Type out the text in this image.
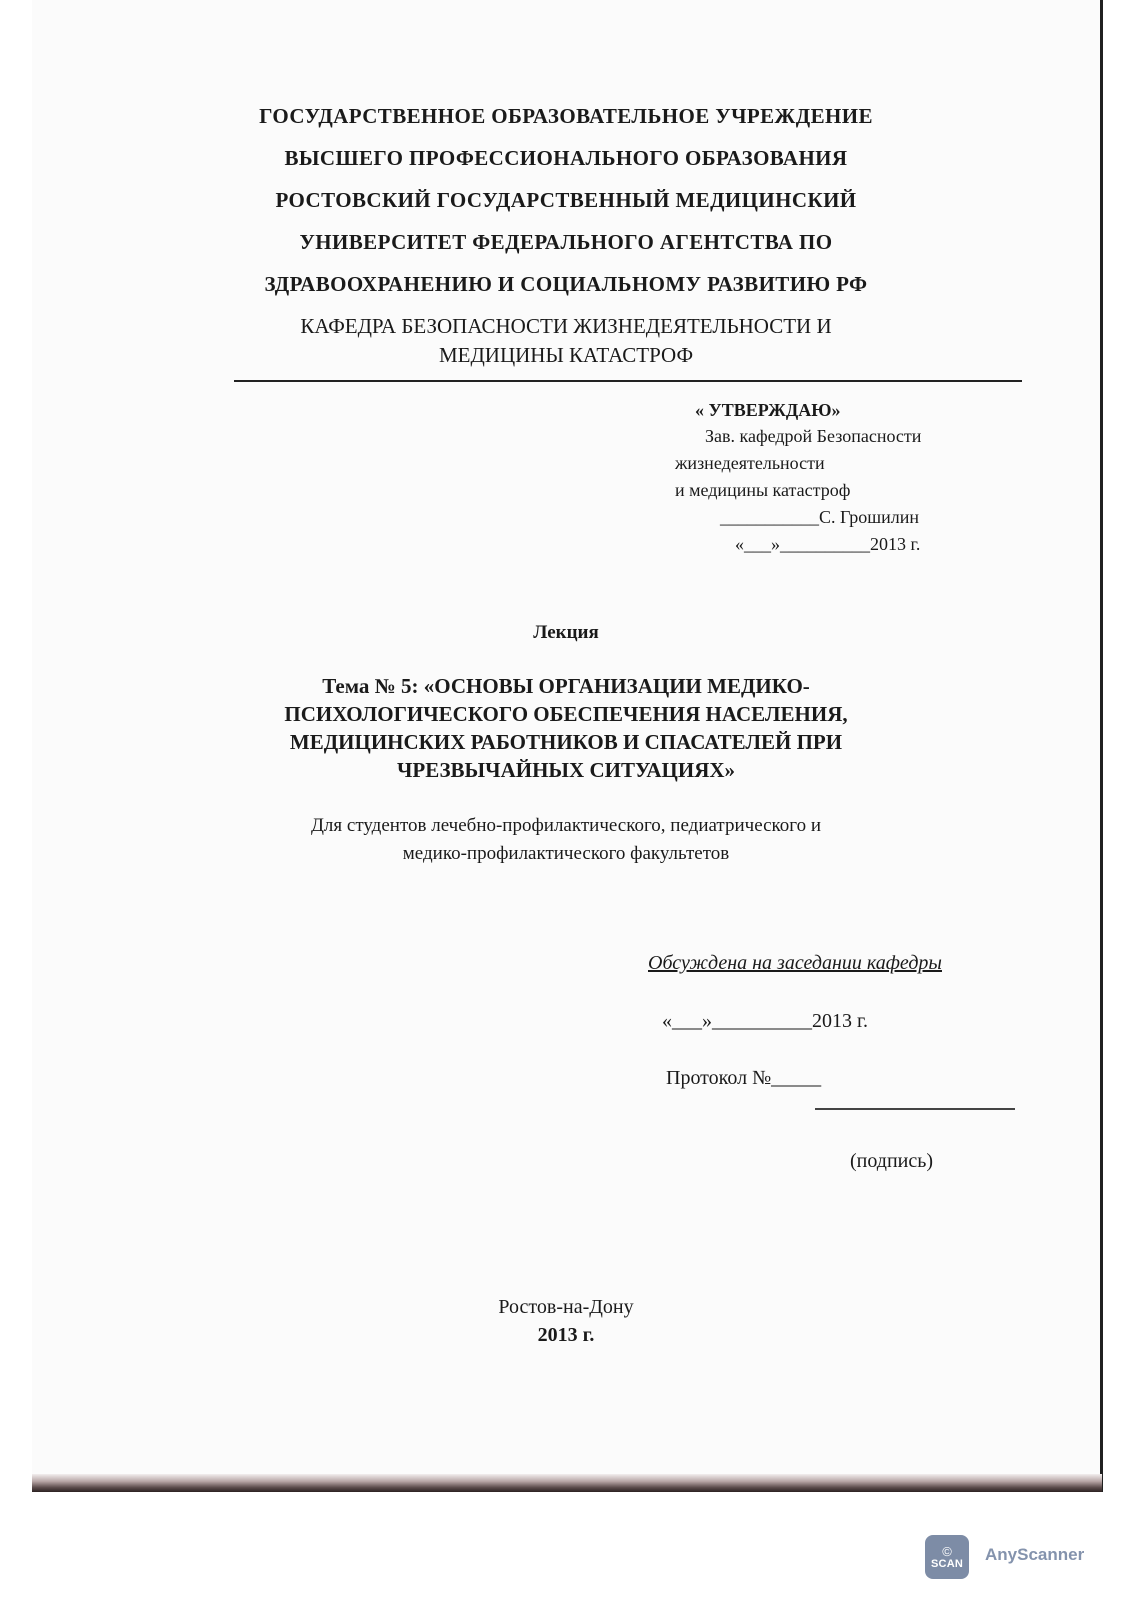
ГОСУДАРСТВЕННОЕ ОБРАЗОВАТЕЛЬНОЕ УЧРЕЖДЕНИЕ
ВЫСШЕГО ПРОФЕССИОНАЛЬНОГО ОБРАЗОВАНИЯ
РОСТОВСКИЙ ГОСУДАРСТВЕННЫЙ МЕДИЦИНСКИЙ
УНИВЕРСИТЕТ ФЕДЕРАЛЬНОГО АГЕНТСТВА ПО
ЗДРАВООХРАНЕНИЮ И СОЦИАЛЬНОМУ РАЗВИТИЮ РФ
КАФЕДРА БЕЗОПАСНОСТИ ЖИЗНЕДЕЯТЕЛЬНОСТИ И
МЕДИЦИНЫ КАТАСТРОФ
« УТВЕРЖДАЮ»
Зав. кафедрой Безопасности
жизнедеятельности
и медицины катастроф
___________С. Грошилин
«___»__________2013 г.
Лекция
Тема № 5: «ОСНОВЫ ОРГАНИЗАЦИИ МЕДИКО-
ПСИХОЛОГИЧЕСКОГО ОБЕСПЕЧЕНИЯ НАСЕЛЕНИЯ,
МЕДИЦИНСКИХ РАБОТНИКОВ И СПАСАТЕЛЕЙ ПРИ
ЧРЕЗВЫЧАЙНЫХ СИТУАЦИЯХ»
Для студентов лечебно-профилактического, педиатрического и
медико-профилактического факультетов
Обсуждена на заседании кафедры
«___»__________2013 г.
Протокол №_____
(подпись)
Ростов-на-Дону
2013 г.
©
SCAN AnyScanner
